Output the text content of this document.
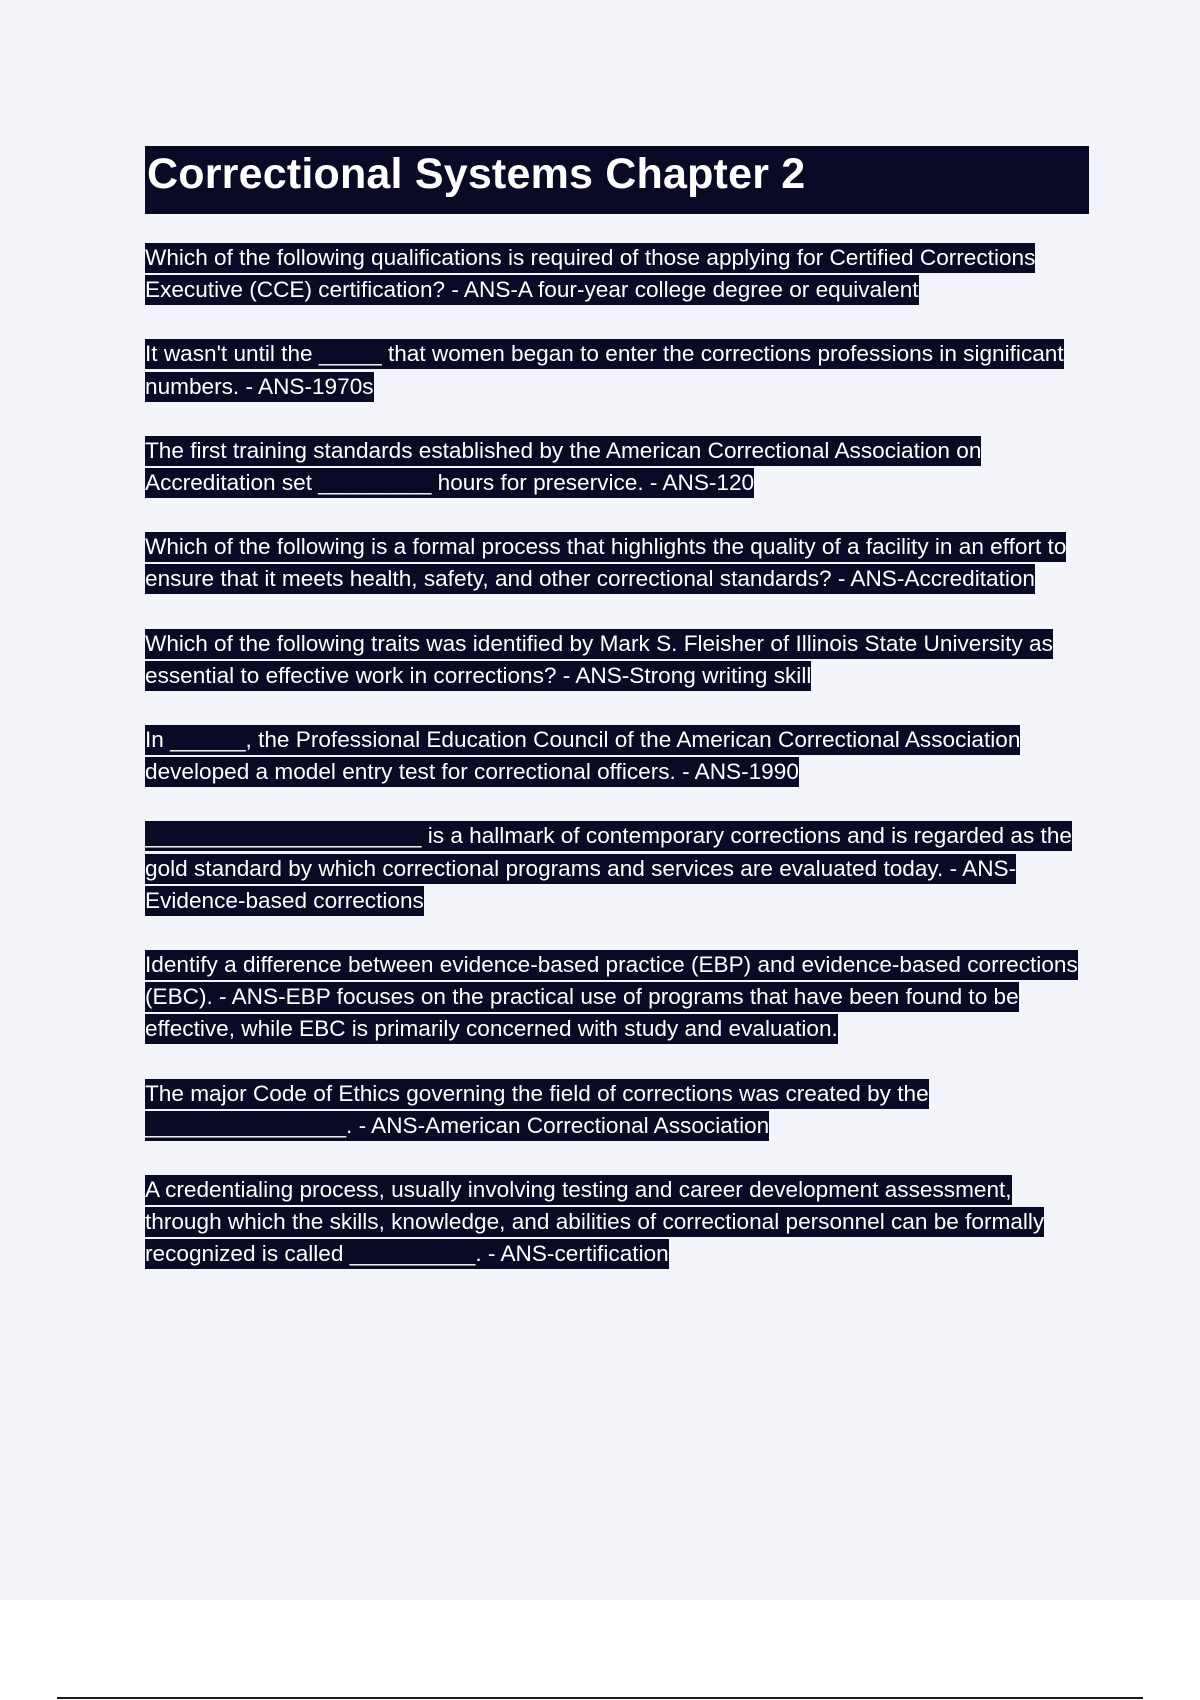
Correctional Systems Chapter 2

Which of the following qualifications is required of those applying for Certified Corrections Executive (CCE) certification? - ANS-A four-year college degree or equivalent

It wasn't until the _____ that women began to enter the corrections professions in significant numbers. - ANS-1970s

The first training standards established by the American Correctional Association on Accreditation set _________ hours for preservice. - ANS-120

Which of the following is a formal process that highlights the quality of a facility in an effort to ensure that it meets health, safety, and other correctional standards? - ANS-Accreditation

Which of the following traits was identified by Mark S. Fleisher of Illinois State University as essential to effective work in corrections? - ANS-Strong writing skill

In ______, the Professional Education Council of the American Correctional Association developed a model entry test for correctional officers. - ANS-1990

______________________ is a hallmark of contemporary corrections and is regarded as the gold standard by which correctional programs and services are evaluated today. - ANS-Evidence-based corrections

Identify a difference between evidence-based practice (EBP) and evidence-based corrections (EBC). - ANS-EBP focuses on the practical use of programs that have been found to be effective, while EBC is primarily concerned with study and evaluation.

The major Code of Ethics governing the field of corrections was created by the ________________. - ANS-American Correctional Association

A credentialing process, usually involving testing and career development assessment, through which the skills, knowledge, and abilities of correctional personnel can be formally recognized is called __________. - ANS-certification
